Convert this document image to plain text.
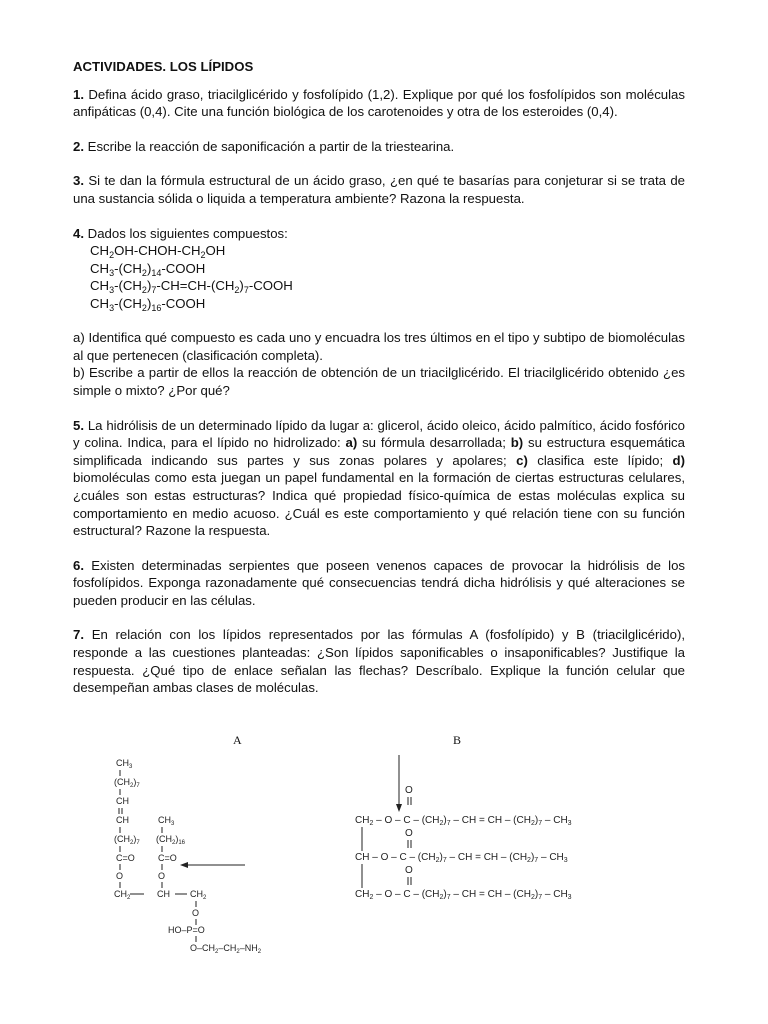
ACTIVIDADES. LOS LÍPIDOS
1. Defina ácido graso, triacilglicérido y fosfolípido (1,2). Explique por qué los fosfolípidos son moléculas anfipáticas (0,4). Cite una función biológica de los carotenoides y otra de los esteroides (0,4).
2. Escribe la reacción de saponificación a partir de la triestearina.
3. Si te dan la fórmula estructural de un ácido graso, ¿en qué te basarías para conjeturar si se trata de una sustancia sólida o liquida a temperatura ambiente? Razona la respuesta.

4. Dados los siguientes compuestos:

$CH_2OH-CHOH-CH_2OH$
$CH_3-(CH_2)_{14}$-COOH
$CH_3-(CH_2)_7-CH=CH-(CH_2)_7$-COOH
$CH_3-(CH_2)_{16}$-COOH

a) Identifica qué compuesto es cada uno y encuadra los tres últimos en el tipo y subtipo de biomoléculas al que pertenecen (clasificación completa).

b) Escribe a partir de ellos la reacción de obtención de un triacilglicérido. El triacilglicérido obtenido ¿es simple o mixto? ¿Por qué?

5. La hidrólisis de un determinado lípido da lugar a: glicerol, ácido oleico, ácido palmítico, ácido fosfórico y colina. Indica, para el lípido no hidrolizado: a) su fórmula desarrollada; b) su estructura esquemática simplificada indicando sus partes y sus zonas polares y apolares; c) clasifica este lípido; d) biomoléculas como esta juegan un papel fundamental en la formación de ciertas estructuras celulares, ¿cuáles son estas estructuras? Indica qué propiedad físico-química de estas moléculas explica su comportamiento en medio acuoso. ¿Cuál es este comportamiento y qué relación tiene con su función estructural? Razone la respuesta.
6. Existen determinadas serpientes que poseen venenos capaces de provocar la hidrólisis de los fosfolípidos. Exponga razonadamente qué consecuencias tendrá dicha hidrólisis y qué alteraciones se pueden producir en las células.
7. En relación con los lípidos representados por las fórmulas A (fosfolípido) y B (triacilglicérido), responde a las cuestiones planteadas: ¿Son lípidos saponificables o insaponificables? Justifique la respuesta. ¿Qué tipo de enlace señalan las flechas? Descríbalo. Explique la función celular que desempeñan ambas clases de moléculas.
A	B
$CH_3$
$(CH_2)_7$
CH
CH
$(CH_2)_7$
C=O
O
$CH_2$
$CH_3$
$(CH_2)_{16}$
C=O
O
CH $CH_2$
O
HO–P=O
$O-CH_2-CH_2-NH_2$
O
$CH_2$ – O – C – $(CH_2)_7$ – CH = CH – $(CH_2)_7 - CH_3$
O
CH – O – C – $(CH_2)_7$ – CH = CH – $(CH_2)_7 - CH_3$
O
$CH_2$ – O – C – $(CH_2)_7$ – CH = CH – $(CH_2)_7 - CH_3$
